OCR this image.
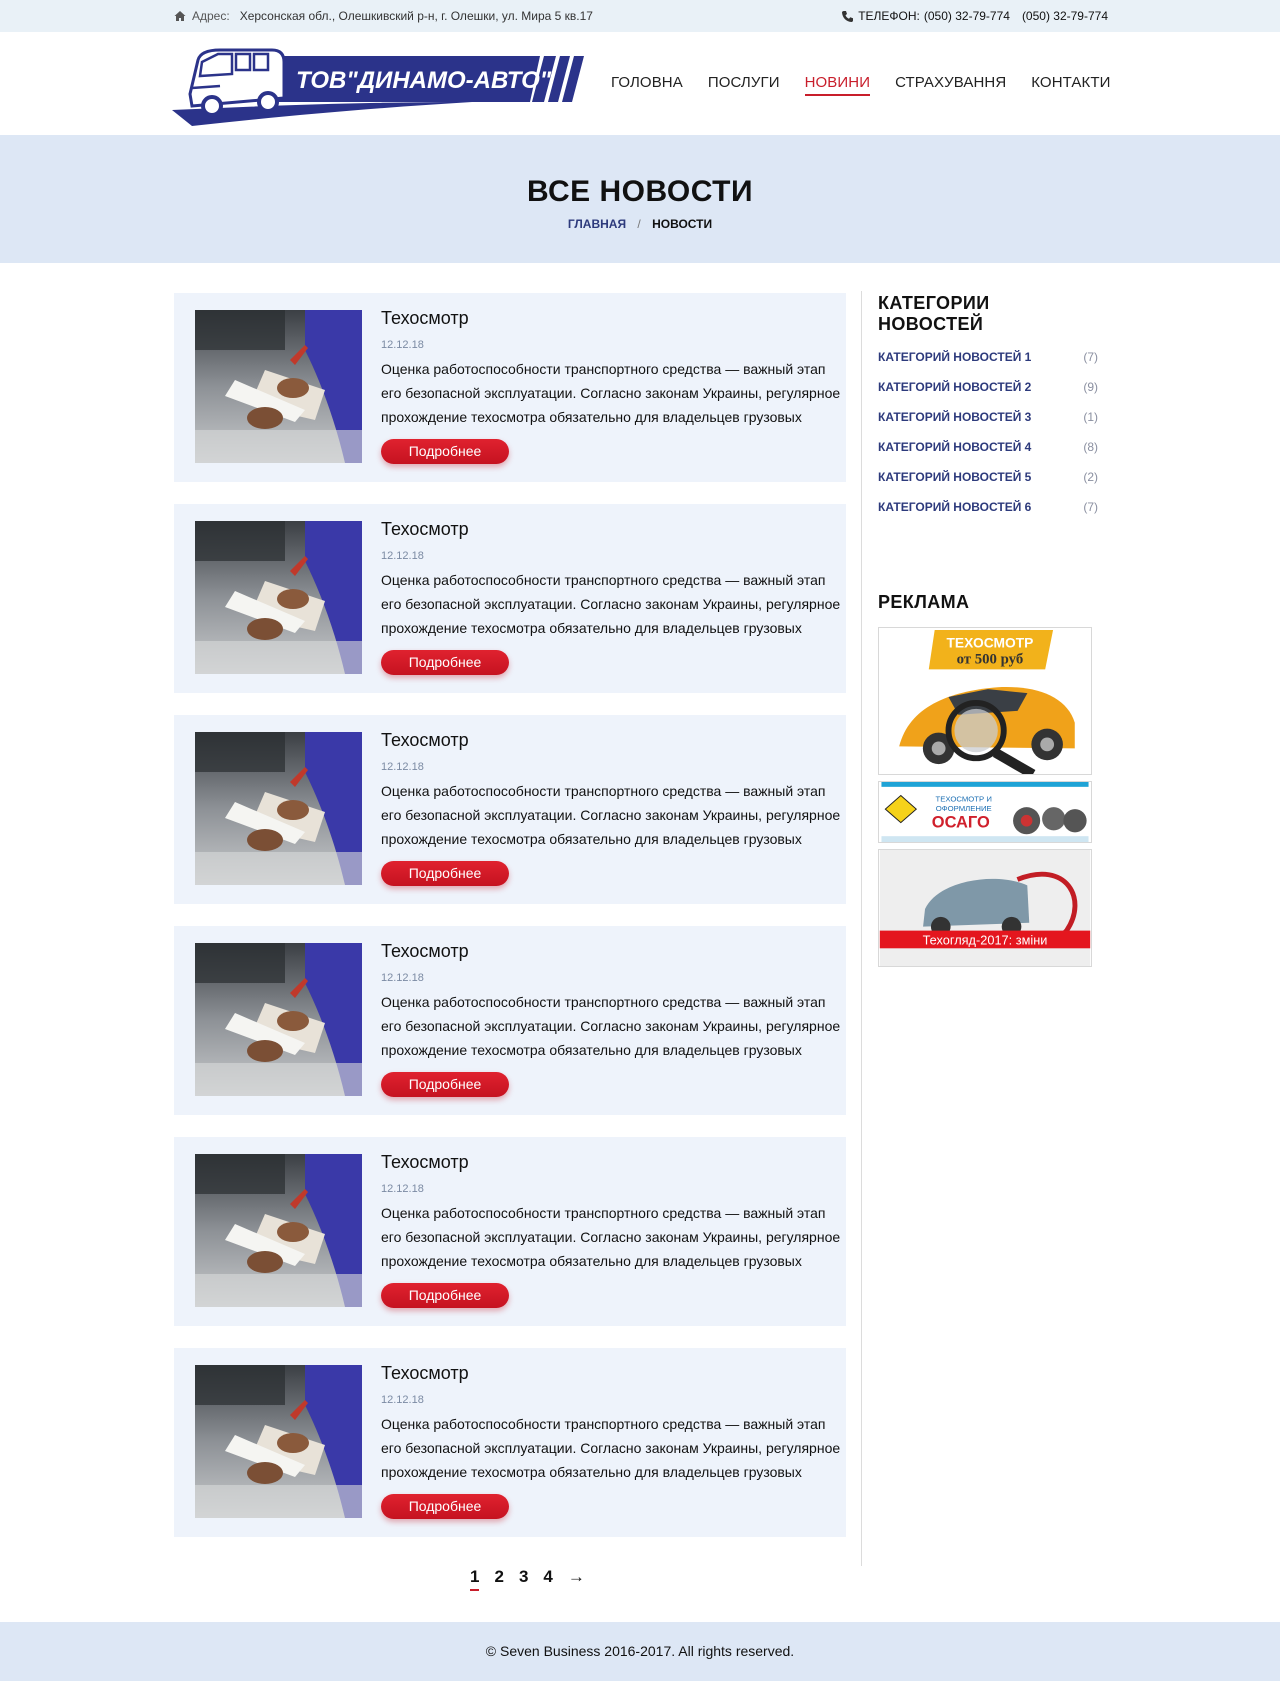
Адрес: Херсонская обл., Олешкивский р-н, г. Олешки, ул. Мира 5 кв.17	ТЕЛЕФОН: (050) 32-79-774 (050) 32-79-774
ТОВ"ДИНАМО-АВТО"	ГОЛОВНА ПОСЛУГИ НОВИНИ СТРАХУВАННЯ КОНТАКТИ
ВСЕ НОВОСТИ
ГЛАВНАЯ / НОВОСТИ
Техосмотр
12.12.18
Оценка работоспособности транспортного средства — важный этап его безопасной эксплуатации. Согласно законам Украины, регулярное прохождение техосмотра обязательно для владельцев грузовых
Подробнее
Техосмотр
12.12.18
Оценка работоспособности транспортного средства — важный этап его безопасной эксплуатации. Согласно законам Украины, регулярное прохождение техосмотра обязательно для владельцев грузовых
Подробнее
Техосмотр
12.12.18
Оценка работоспособности транспортного средства — важный этап его безопасной эксплуатации. Согласно законам Украины, регулярное прохождение техосмотра обязательно для владельцев грузовых
Подробнее
Техосмотр
12.12.18
Оценка работоспособности транспортного средства — важный этап его безопасной эксплуатации. Согласно законам Украины, регулярное прохождение техосмотра обязательно для владельцев грузовых
Подробнее
Техосмотр
12.12.18
Оценка работоспособности транспортного средства — важный этап его безопасной эксплуатации. Согласно законам Украины, регулярное прохождение техосмотра обязательно для владельцев грузовых
Подробнее
Техосмотр
12.12.18
Оценка работоспособности транспортного средства — важный этап его безопасной эксплуатации. Согласно законам Украины, регулярное прохождение техосмотра обязательно для владельцев грузовых
Подробнее
КАТЕГОРИИ НОВОСТЕЙ
КАТЕГОРИЙ НОВОСТЕЙ 1	(7)
КАТЕГОРИЙ НОВОСТЕЙ 2	(9)
КАТЕГОРИЙ НОВОСТЕЙ 3	(1)
КАТЕГОРИЙ НОВОСТЕЙ 4	(8)
КАТЕГОРИЙ НОВОСТЕЙ 5	(2)
КАТЕГОРИЙ НОВОСТЕЙ 6	(7)
РЕКЛАМА
ТЕХОСМОТР
от 500 руб
ТЕХОСМОТР И
ОФОРМЛЕНИЕ
ОСАГО
Техогляд-2017: зміни
1 2 3 4 →
© Seven Business 2016-2017. All rights reserved.
